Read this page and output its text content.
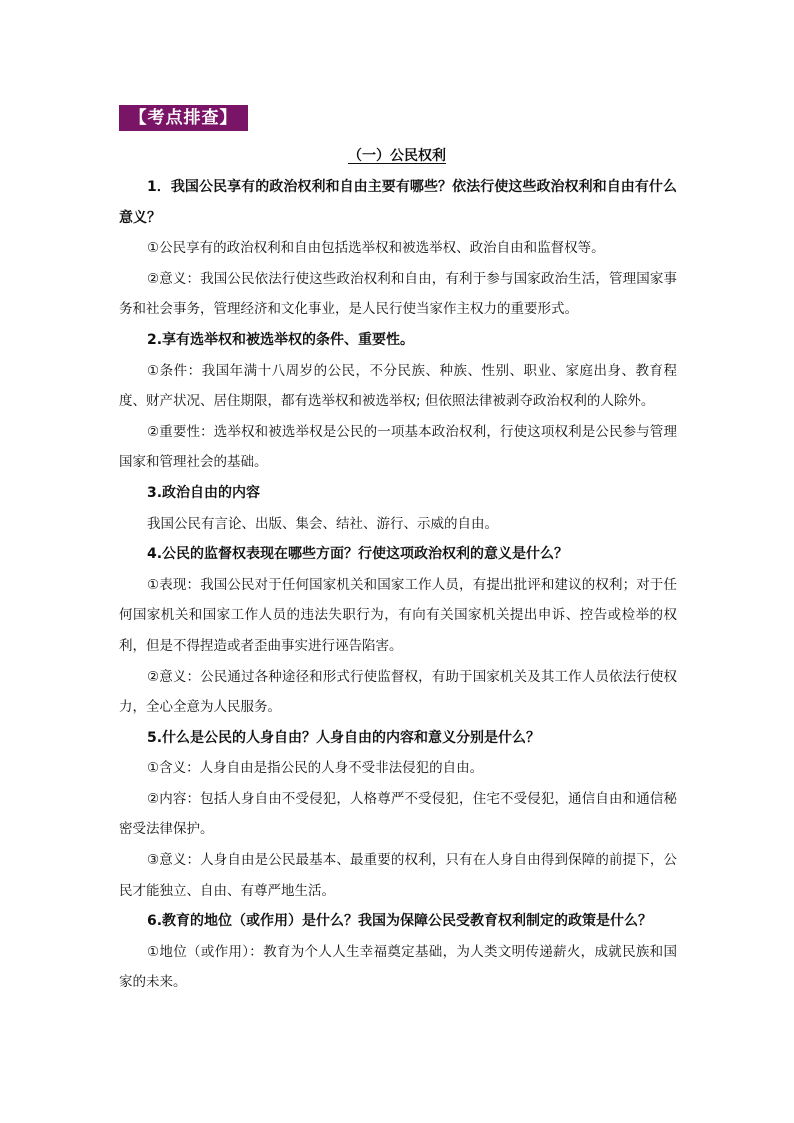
【考点排查】
（一）公民权利

1．我国公民享有的政治权利和自由主要有哪些？依法行使这些政治权利和自由有什么意义？

①公民享有的政治权利和自由包括选举权和被选举权、政治自由和监督权等。

②意义：我国公民依法行使这些政治权利和自由，有利于参与国家政治生活，管理国家事务和社会事务，管理经济和文化事业，是人民行使当家作主权力的重要形式。

2.享有选举权和被选举权的条件、重要性。

①条件：我国年满十八周岁的公民，不分民族、种族、性别、职业、家庭出身、教育程度、财产状况、居住期限，都有选举权和被选举权; 但依照法律被剥夺政治权利的人除外。

②重要性：选举权和被选举权是公民的一项基本政治权利，行使这项权利是公民参与管理国家和管理社会的基础。

3.政治自由的内容

我国公民有言论、出版、集会、结社、游行、示威的自由。

4.公民的监督权表现在哪些方面？行使这项政治权利的意义是什么？

①表现：我国公民对于任何国家机关和国家工作人员，有提出批评和建议的权利；对于任何国家机关和国家工作人员的违法失职行为，有向有关国家机关提出申诉、控告或检举的权利，但是不得捏造或者歪曲事实进行诬告陷害。

②意义：公民通过各种途径和形式行使监督权，有助于国家机关及其工作人员依法行使权力，全心全意为人民服务。

5.什么是公民的人身自由？人身自由的内容和意义分别是什么？

①含义：人身自由是指公民的人身不受非法侵犯的自由。

②内容：包括人身自由不受侵犯，人格尊严不受侵犯，住宅不受侵犯，通信自由和通信秘密受法律保护。

③意义：人身自由是公民最基本、最重要的权利，只有在人身自由得到保障的前提下，公民才能独立、自由、有尊严地生活。

6.教育的地位（或作用）是什么？我国为保障公民受教育权利制定的政策是什么？

①地位（或作用）：教育为个人人生幸福奠定基础，为人类文明传递薪火，成就民族和国家的未来。
